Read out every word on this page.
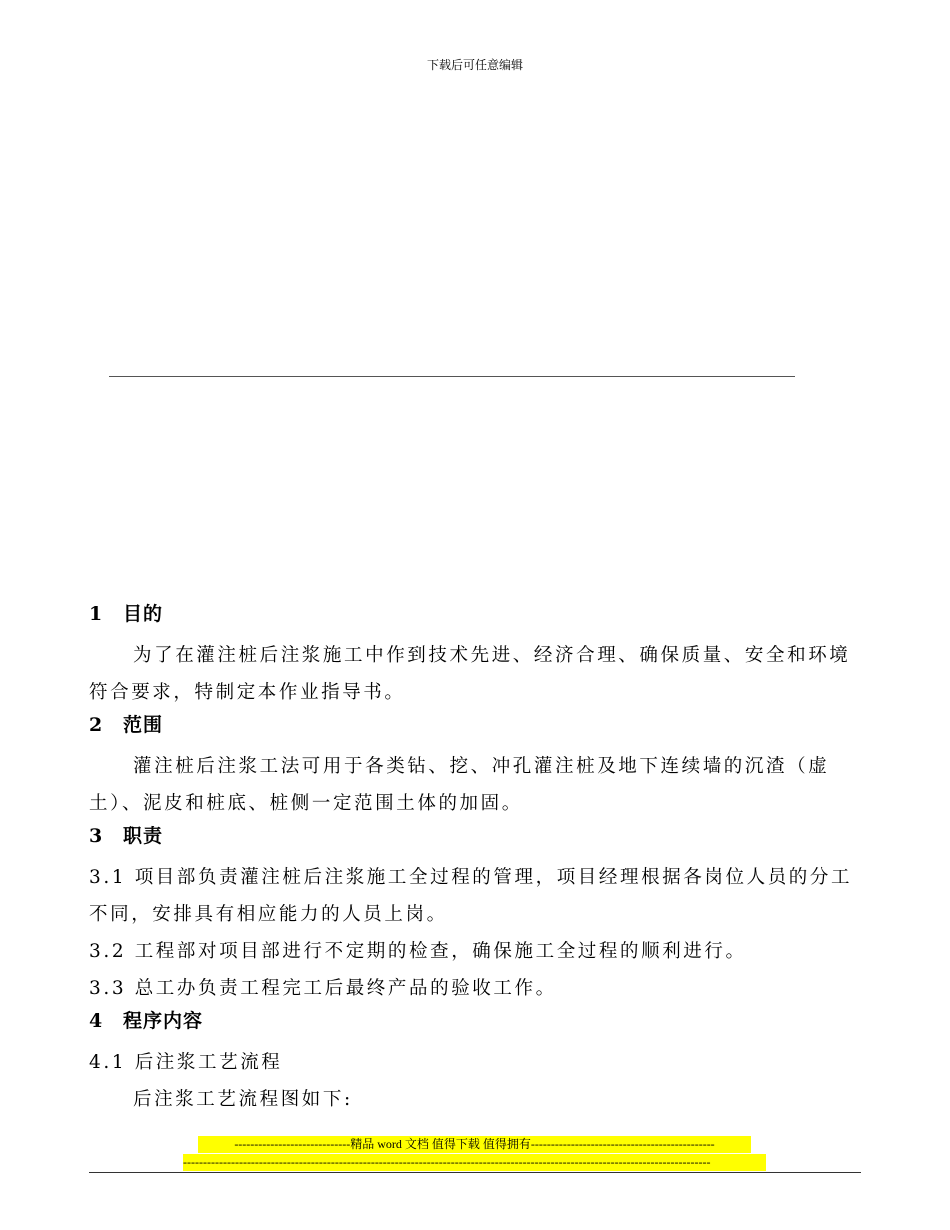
下载后可任意编辑
1 目的

为了在灌注桩后注浆施工中作到技术先进、经济合理、确保质量、安全和环境符合要求，特制定本作业指导书。

2 范围

灌注桩后注浆工法可用于各类钻、挖、冲孔灌注桩及地下连续墙的沉渣（虚土）、泥皮和桩底、桩侧一定范围土体的加固。

3 职责

3.1 项目部负责灌注桩后注浆施工全过程的管理，项目经理根据各岗位人员的分工不同，安排具有相应能力的人员上岗。

3.2 工程部对项目部进行不定期的检查，确保施工全过程的顺利进行。

3.3 总工办负责工程完工后最终产品的验收工作。

4 程序内容

4.1 后注浆工艺流程

后注浆工艺流程图如下:

-----------------------------精品 word 文档 值得下载 值得拥有----------------------------------------------
------------------------------------------------------------------------------------------------------------------------------------
